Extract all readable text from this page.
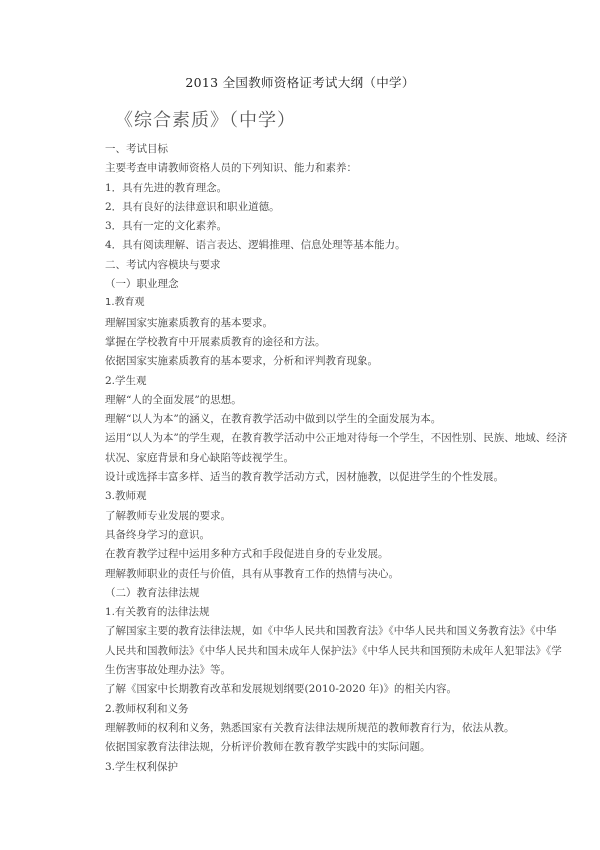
2013 全国教师资格证考试大纲（中学）
《综合素质》（中学）
一、考试目标
主要考查申请教师资格人员的下列知识、能力和素养：
1．具有先进的教育理念。
2．具有良好的法律意识和职业道德。
3．具有一定的文化素养。
4．具有阅读理解、语言表达、逻辑推理、信息处理等基本能力。
二、考试内容模块与要求
（一）职业理念
1.教育观
理解国家实施素质教育的基本要求。
掌握在学校教育中开展素质教育的途径和方法。
依据国家实施素质教育的基本要求，分析和评判教育现象。
2.学生观
理解“人的全面发展”的思想。
理解“以人为本”的涵义，在教育教学活动中做到以学生的全面发展为本。
运用“以人为本”的学生观，在教育教学活动中公正地对待每一个学生，不因性别、民族、地域、经济
状况、家庭背景和身心缺陷等歧视学生。
设计或选择丰富多样、适当的教育教学活动方式，因材施教，以促进学生的个性发展。
3.教师观
了解教师专业发展的要求。
具备终身学习的意识。
在教育教学过程中运用多种方式和手段促进自身的专业发展。
理解教师职业的责任与价值，具有从事教育工作的热情与决心。
（二）教育法律法规
1.有关教育的法律法规
了解国家主要的教育法律法规，如《中华人民共和国教育法》《中华人民共和国义务教育法》《中华
人民共和国教师法》《中华人民共和国未成年人保护法》《中华人民共和国预防未成年人犯罪法》《学
生伤害事故处理办法》等。
了解《国家中长期教育改革和发展规划纲要(2010-2020 年)》的相关内容。
2.教师权利和义务
理解教师的权利和义务，熟悉国家有关教育法律法规所规范的教师教育行为，依法从教。
依据国家教育法律法规，分析评价教师在教育教学实践中的实际问题。
3.学生权利保护
